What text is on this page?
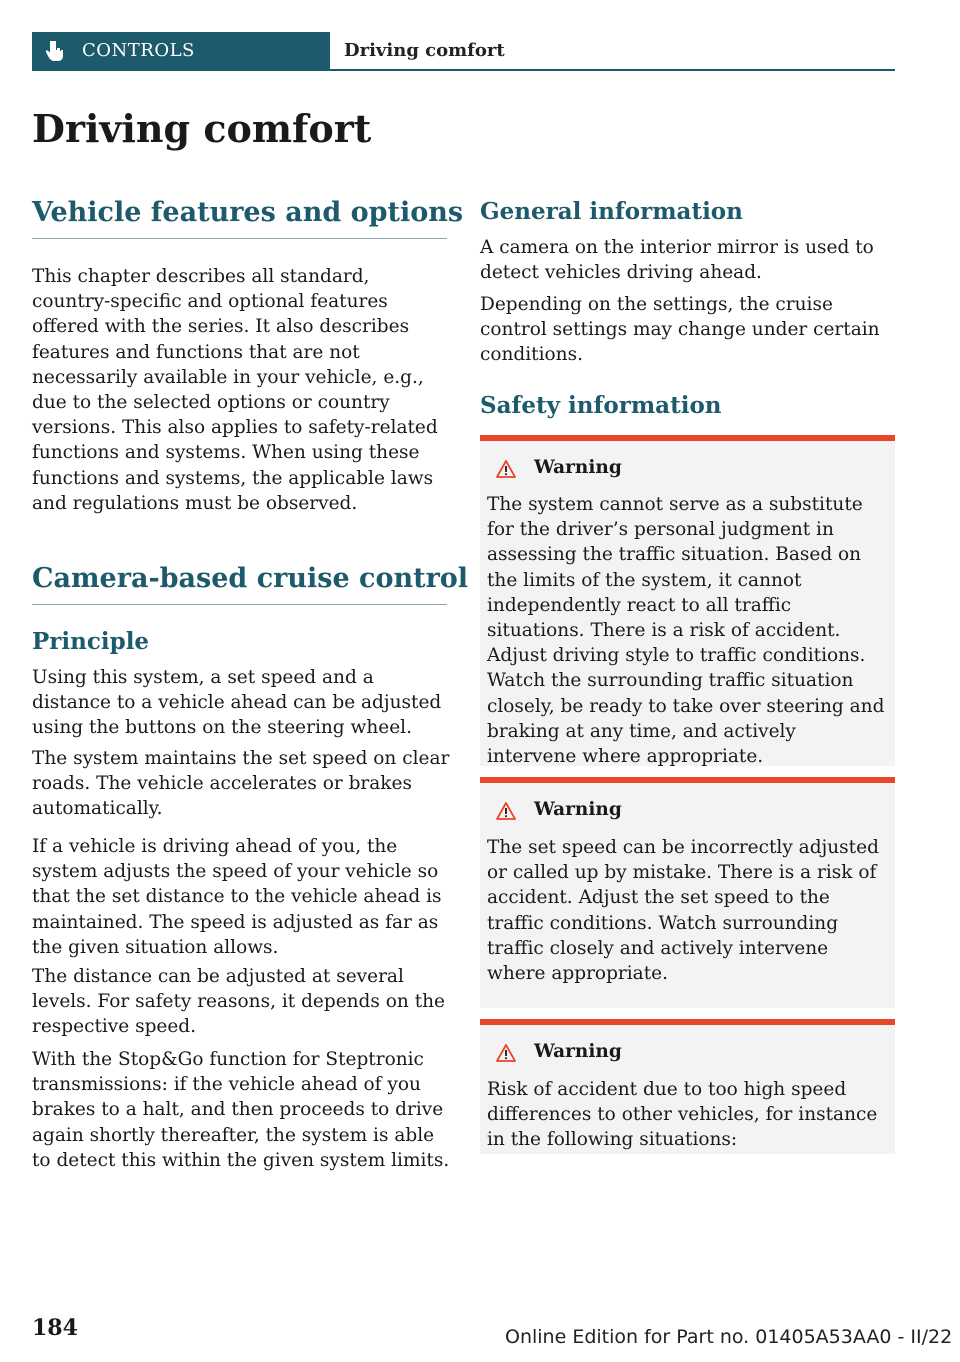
CONTROLS	Driving comfort
Driving comfort
Vehicle features and options

This chapter describes all standard, country-specific and optional features offered with the series. It also describes features and functions that are not necessarily available in your vehicle, e.g., due to the selected options or country versions. This also applies to safety-related functions and systems. When using these functions and systems, the applicable laws and regulations must be observed.

Camera-based cruise control
Principle

Using this system, a set speed and a distance to a vehicle ahead can be adjusted using the buttons on the steering wheel.

The system maintains the set speed on clear roads. The vehicle accelerates or brakes automatically.

If a vehicle is driving ahead of you, the system adjusts the speed of your vehicle so that the set distance to the vehicle ahead is maintained. The speed is adjusted as far as the given situation allows.

The distance can be adjusted at several levels. For safety reasons, it depends on the respective speed.

With the Stop&Go function for Steptronic transmissions: if the vehicle ahead of you brakes to a halt, and then proceeds to drive again shortly thereafter, the system is able to detect this within the given system limits.

General information

A camera on the interior mirror is used to detect vehicles driving ahead.

Depending on the settings, the cruise control settings may change under certain conditions.

Safety information
Warning

The system cannot serve as a substitute for the driver’s personal judgment in assessing the traffic situation. Based on the limits of the system, it cannot independently react to all traffic situations. There is a risk of accident. Adjust driving style to traffic conditions. Watch the surrounding traffic situation closely, be ready to take over steering and braking at any time, and actively intervene where appropriate.

Warning

The set speed can be incorrectly adjusted or called up by mistake. There is a risk of accident. Adjust the set speed to the traffic conditions. Watch surrounding traffic closely and actively intervene where appropriate.

Warning

Risk of accident due to too high speed differences to other vehicles, for instance in the following situations:

184	Online Edition for Part no. 01405A53AA0 - II/22
